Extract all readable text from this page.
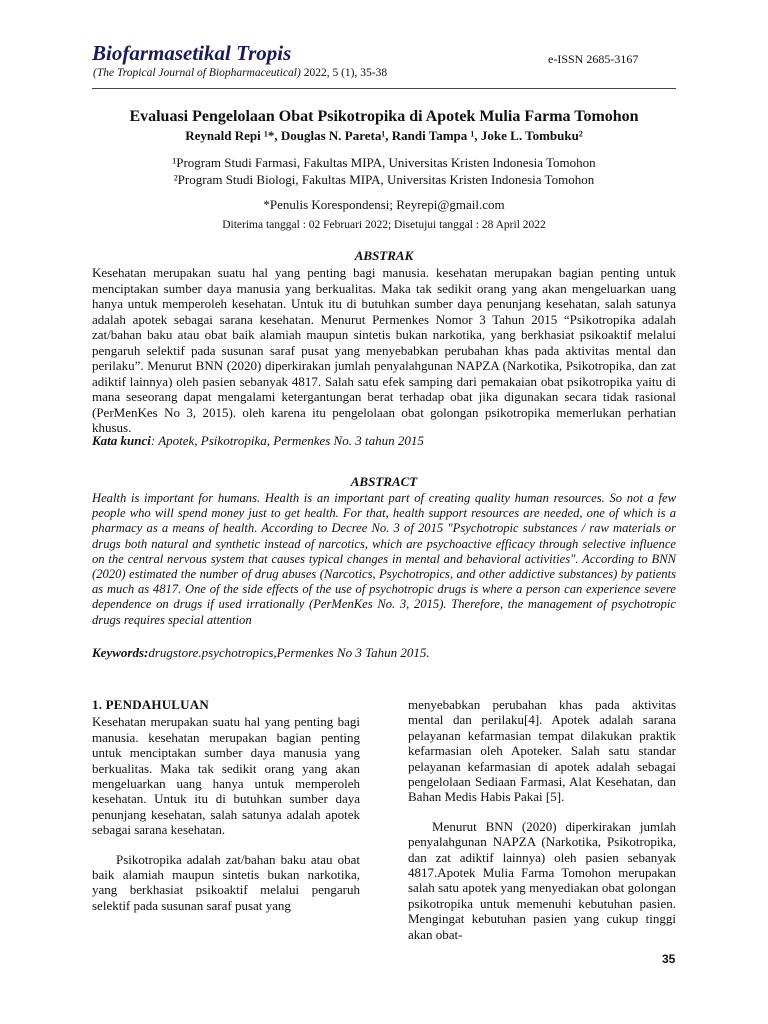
Biofarmasetikal Tropis
(The Tropical Journal of Biopharmaceutical) 2022, 5 (1), 35-38
e-ISSN 2685-3167
Evaluasi Pengelolaan Obat Psikotropika di Apotek Mulia Farma Tomohon
Reynald Repi ¹*, Douglas N. Pareta¹, Randi Tampa ¹, Joke L. Tombuku²
¹Program Studi Farmasi, Fakultas MIPA, Universitas Kristen Indonesia Tomohon
²Program Studi Biologi, Fakultas MIPA, Universitas Kristen Indonesia Tomohon
*Penulis Korespondensi; Reyrepi@gmail.com
Diterima tanggal : 02 Februari 2022; Disetujui tanggal : 28 April 2022
ABSTRAK
Kesehatan merupakan suatu hal yang penting bagi manusia. kesehatan merupakan bagian penting untuk menciptakan sumber daya manusia yang berkualitas. Maka tak sedikit orang yang akan mengeluarkan uang hanya untuk memperoleh kesehatan. Untuk itu di butuhkan sumber daya penunjang kesehatan, salah satunya adalah apotek sebagai sarana kesehatan. Menurut Permenkes Nomor 3 Tahun 2015 “Psikotropika adalah zat/bahan baku atau obat baik alamiah maupun sintetis bukan narkotika, yang berkhasiat psikoaktif melalui pengaruh selektif pada susunan saraf pusat yang menyebabkan perubahan khas pada aktivitas mental dan perilaku”. Menurut BNN (2020) diperkirakan jumlah penyalahgunan NAPZA (Narkotika, Psikotropika, dan zat adiktif lainnya) oleh pasien sebanyak 4817. Salah satu efek samping dari pemakaian obat psikotropika yaitu di mana seseorang dapat mengalami ketergantungan berat terhadap obat jika digunakan secara tidak rasional (PerMenKes No 3, 2015). oleh karena itu pengelolaan obat golongan psikotropika memerlukan perhatian khusus.
Kata kunci: Apotek, Psikotropika, Permenkes No. 3 tahun 2015
ABSTRACT
Health is important for humans. Health is an important part of creating quality human resources. So not a few people who will spend money just to get health. For that, health support resources are needed, one of which is a pharmacy as a means of health. According to Decree No. 3 of 2015 "Psychotropic substances / raw materials or drugs both natural and synthetic instead of narcotics, which are psychoactive efficacy through selective influence on the central nervous system that causes typical changes in mental and behavioral activities". According to BNN (2020) estimated the number of drug abuses (Narcotics, Psychotropics, and other addictive substances) by patients as much as 4817. One of the side effects of the use of psychotropic drugs is where a person can experience severe dependence on drugs if used irrationally (PerMenKes No. 3, 2015). Therefore, the management of psychotropic drugs requires special attention
Keywords:drugstore.psychotropics,Permenkes No 3 Tahun 2015.

1. PENDAHULUAN

Kesehatan merupakan suatu hal yang penting bagi manusia. kesehatan merupakan bagian penting untuk menciptakan sumber daya manusia yang berkualitas. Maka tak sedikit orang yang akan mengeluarkan uang hanya untuk memperoleh kesehatan. Untuk itu di butuhkan sumber daya penunjang kesehatan, salah satunya adalah apotek sebagai sarana kesehatan.

Psikotropika adalah zat/bahan baku atau obat baik alamiah maupun sintetis bukan narkotika, yang berkhasiat psikoaktif melalui pengaruh selektif pada susunan saraf pusat yang

menyebabkan perubahan khas pada aktivitas mental dan perilaku[4]. Apotek adalah sarana pelayanan kefarmasian tempat dilakukan praktik kefarmasian oleh Apoteker. Salah satu standar pelayanan kefarmasian di apotek adalah sebagai pengelolaan Sediaan Farmasi, Alat Kesehatan, dan Bahan Medis Habis Pakai [5].

Menurut BNN (2020) diperkirakan jumlah penyalahgunan NAPZA (Narkotika, Psikotropika, dan zat adiktif lainnya) oleh pasien sebanyak 4817.Apotek Mulia Farma Tomohon merupakan salah satu apotek yang menyediakan obat golongan psikotropika untuk memenuhi kebutuhan pasien. Mengingat kebutuhan pasien yang cukup tinggi akan obat-

35
